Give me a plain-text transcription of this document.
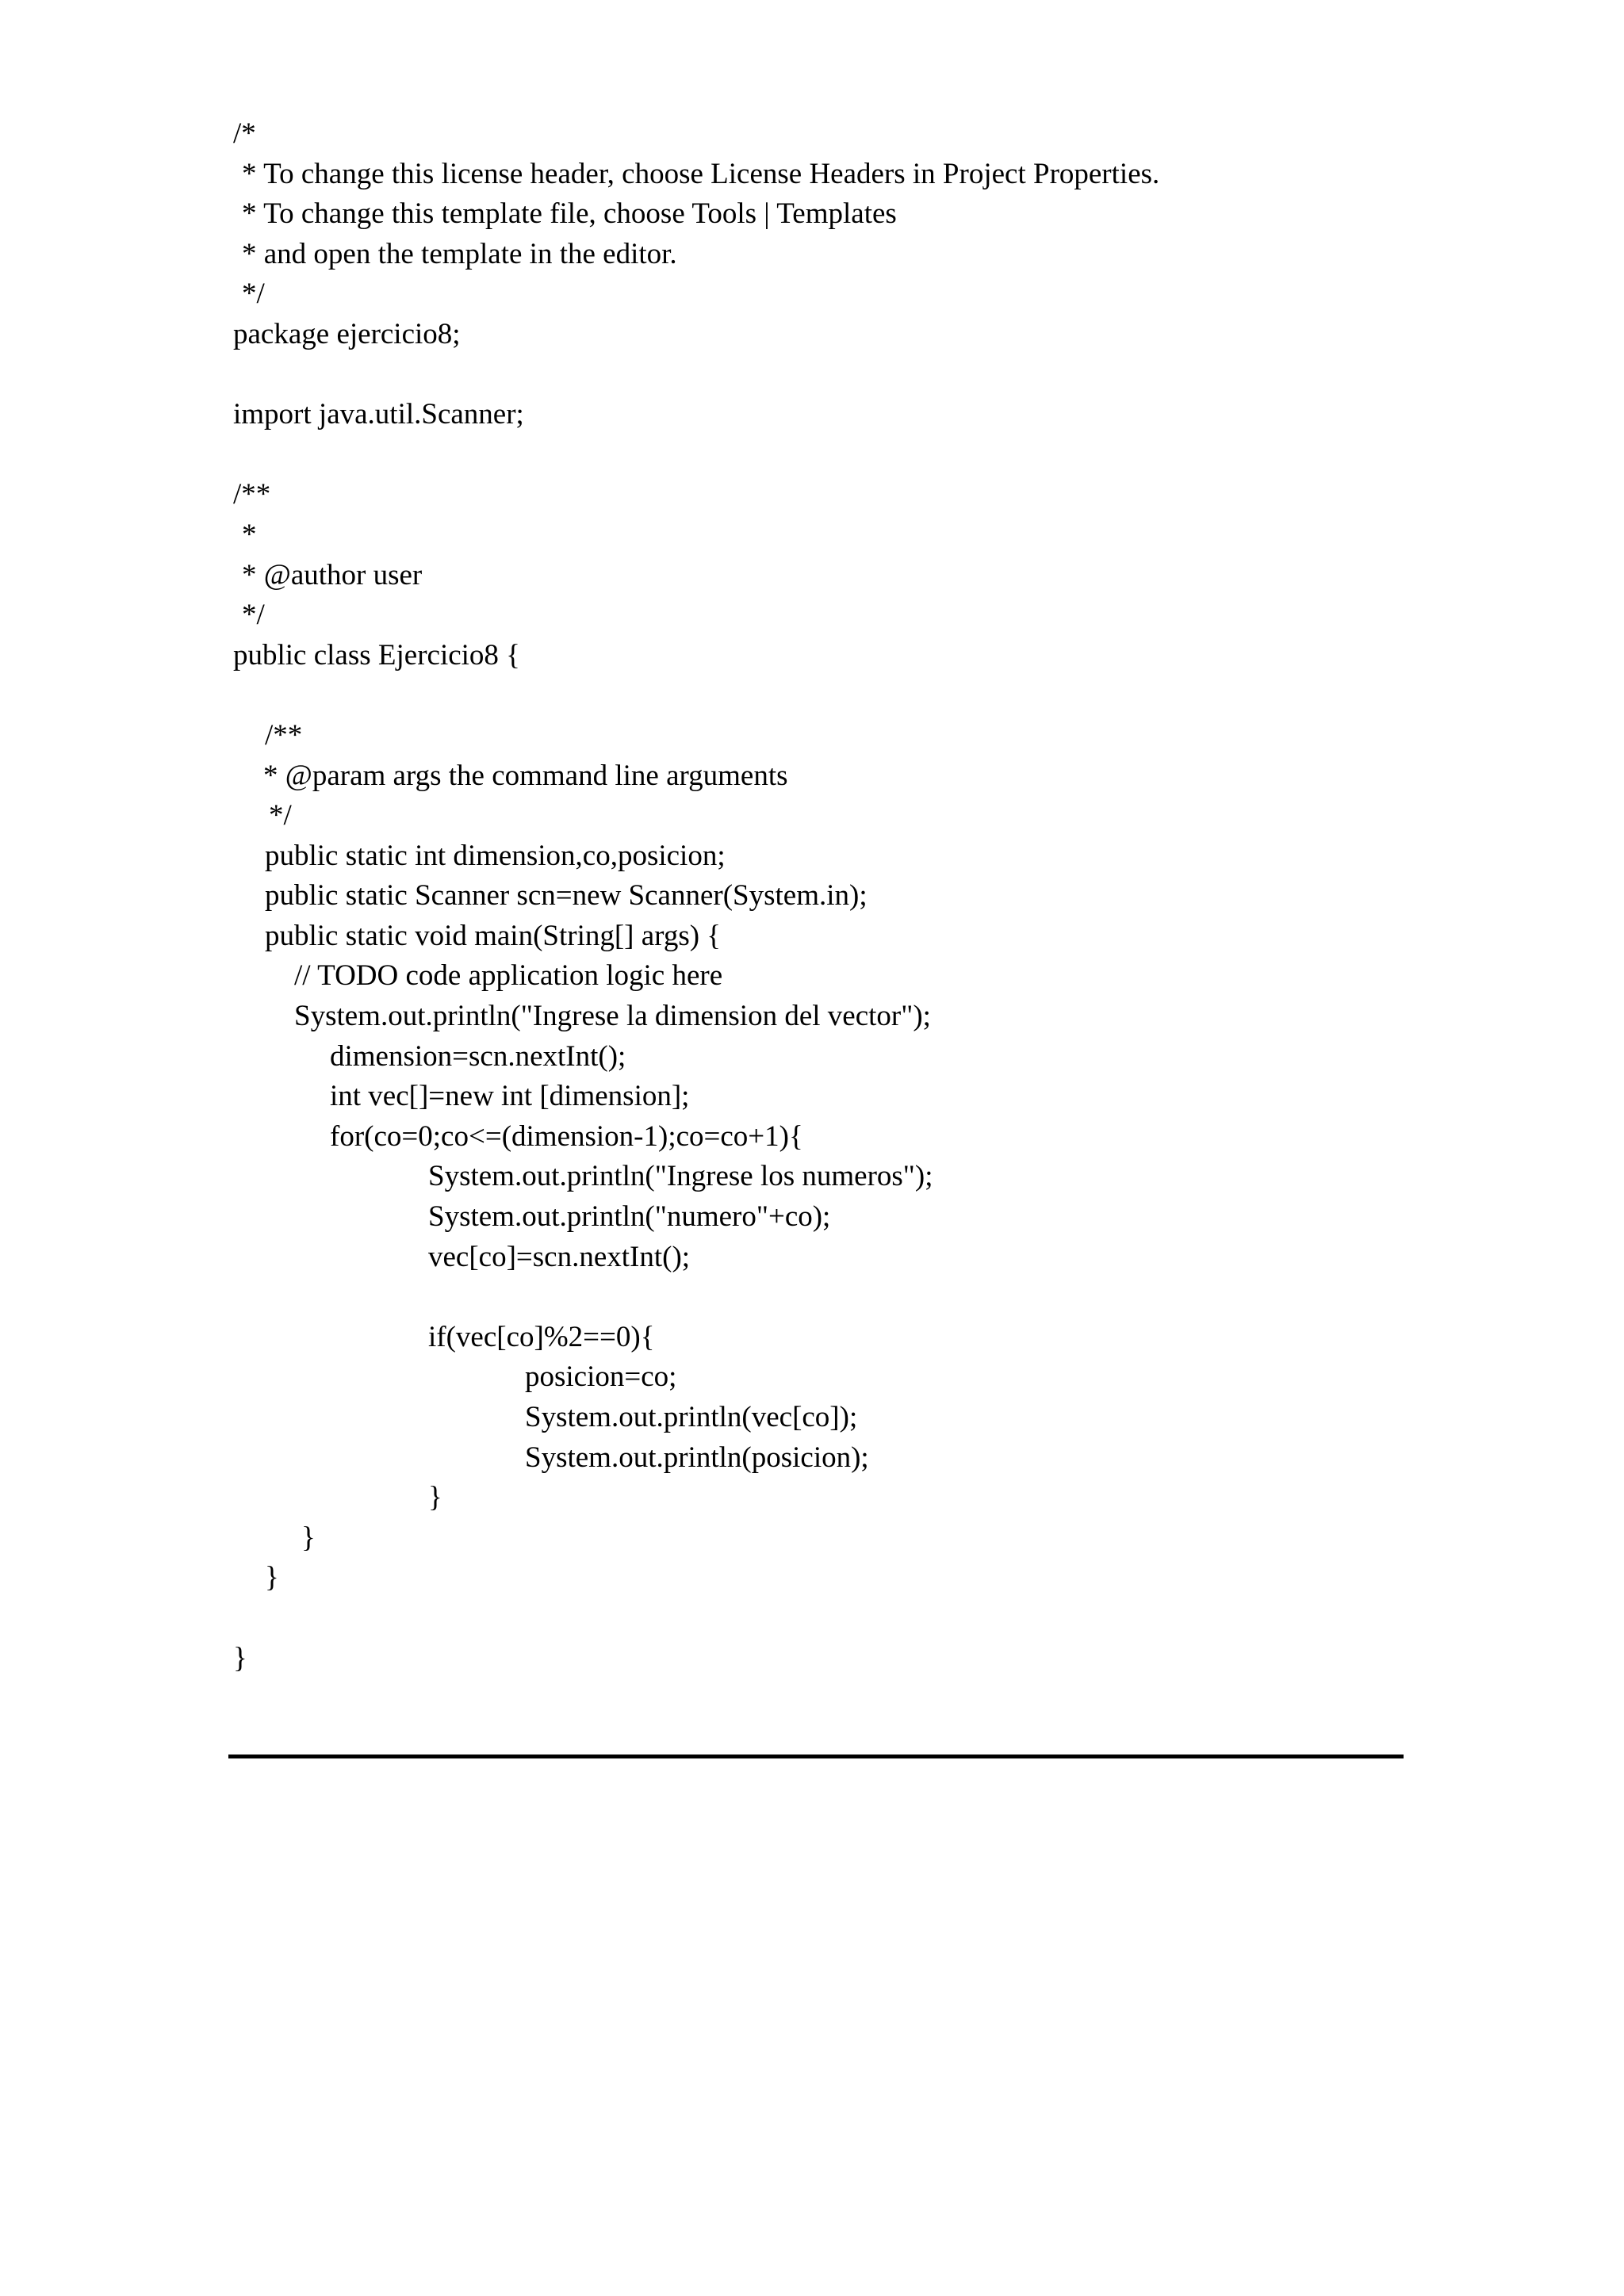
/*
* To change this license header, choose License Headers in Project Properties.
* To change this template file, choose Tools | Templates
* and open the template in the editor.
*/
package ejercicio8;
import java.util.Scanner;
/**
*
* @author user
*/
public class Ejercicio8 {
/**
* @param args the command line arguments
*/
public static int dimension,co,posicion;
public static Scanner scn=new Scanner(System.in);
public static void main(String[] args) {
// TODO code application logic here
System.out.println("Ingrese la dimension del vector");
dimension=scn.nextInt();
int vec[]=new int [dimension];
for(co=0;co<=(dimension-1);co=co+1){
System.out.println("Ingrese los numeros");
System.out.println("numero"+co);
vec[co]=scn.nextInt();
if(vec[co]%2==0){
posicion=co;
System.out.println(vec[co]);
System.out.println(posicion);
}
}
}
}
